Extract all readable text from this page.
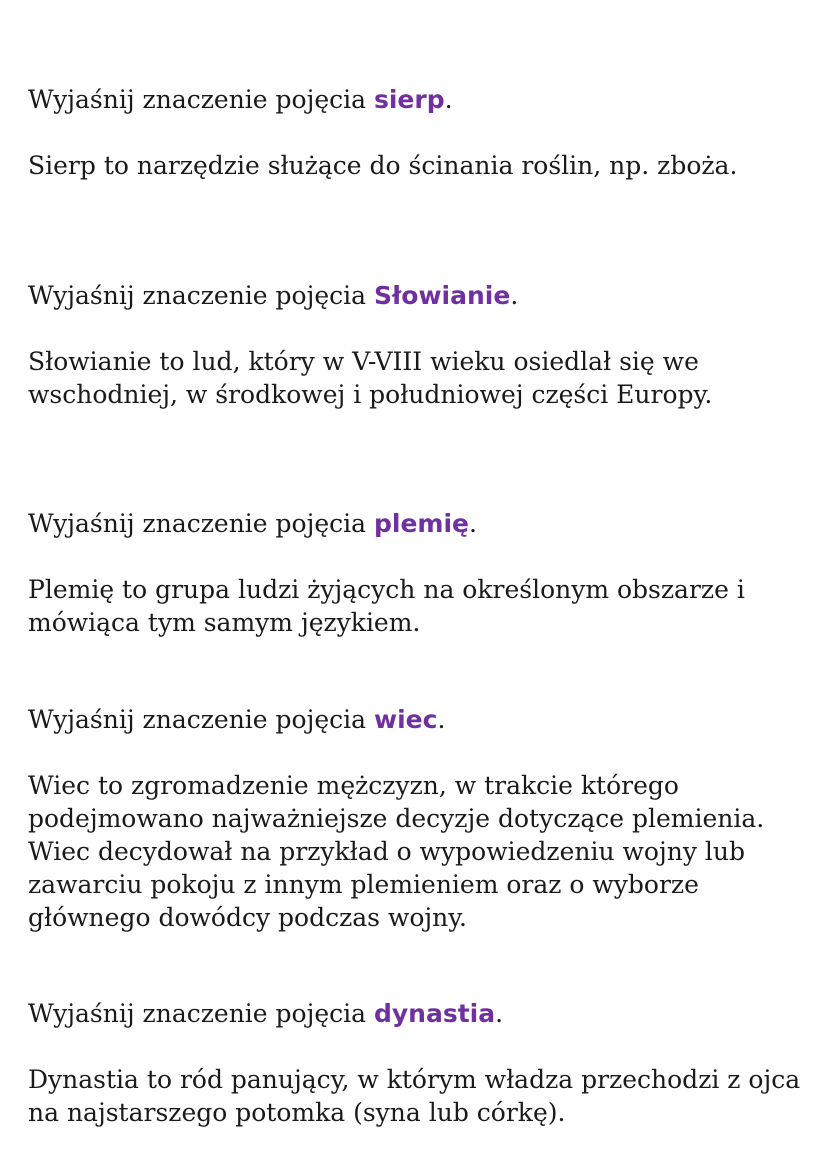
Wyjaśnij znaczenie pojęcia sierp.

Sierp to narzędzie służące do ścinania roślin, np. zboża.

Wyjaśnij znaczenie pojęcia Słowianie.

Słowianie to lud, który w V-VIII wieku osiedlał się we wschodniej, w środkowej i południowej części Europy.

Wyjaśnij znaczenie pojęcia plemię.

Plemię to grupa ludzi żyjących na określonym obszarze i mówiąca tym samym językiem.

Wyjaśnij znaczenie pojęcia wiec.

Wiec to zgromadzenie mężczyzn, w trakcie którego podejmowano najważniejsze decyzje dotyczące plemienia. Wiec decydował na przykład o wypowiedzeniu wojny lub zawarciu pokoju z innym plemieniem oraz o wyborze głównego dowódcy podczas wojny.

Wyjaśnij znaczenie pojęcia dynastia.

Dynastia to ród panujący, w którym władza przechodzi z ojca na najstarszego potomka (syna lub córkę).
